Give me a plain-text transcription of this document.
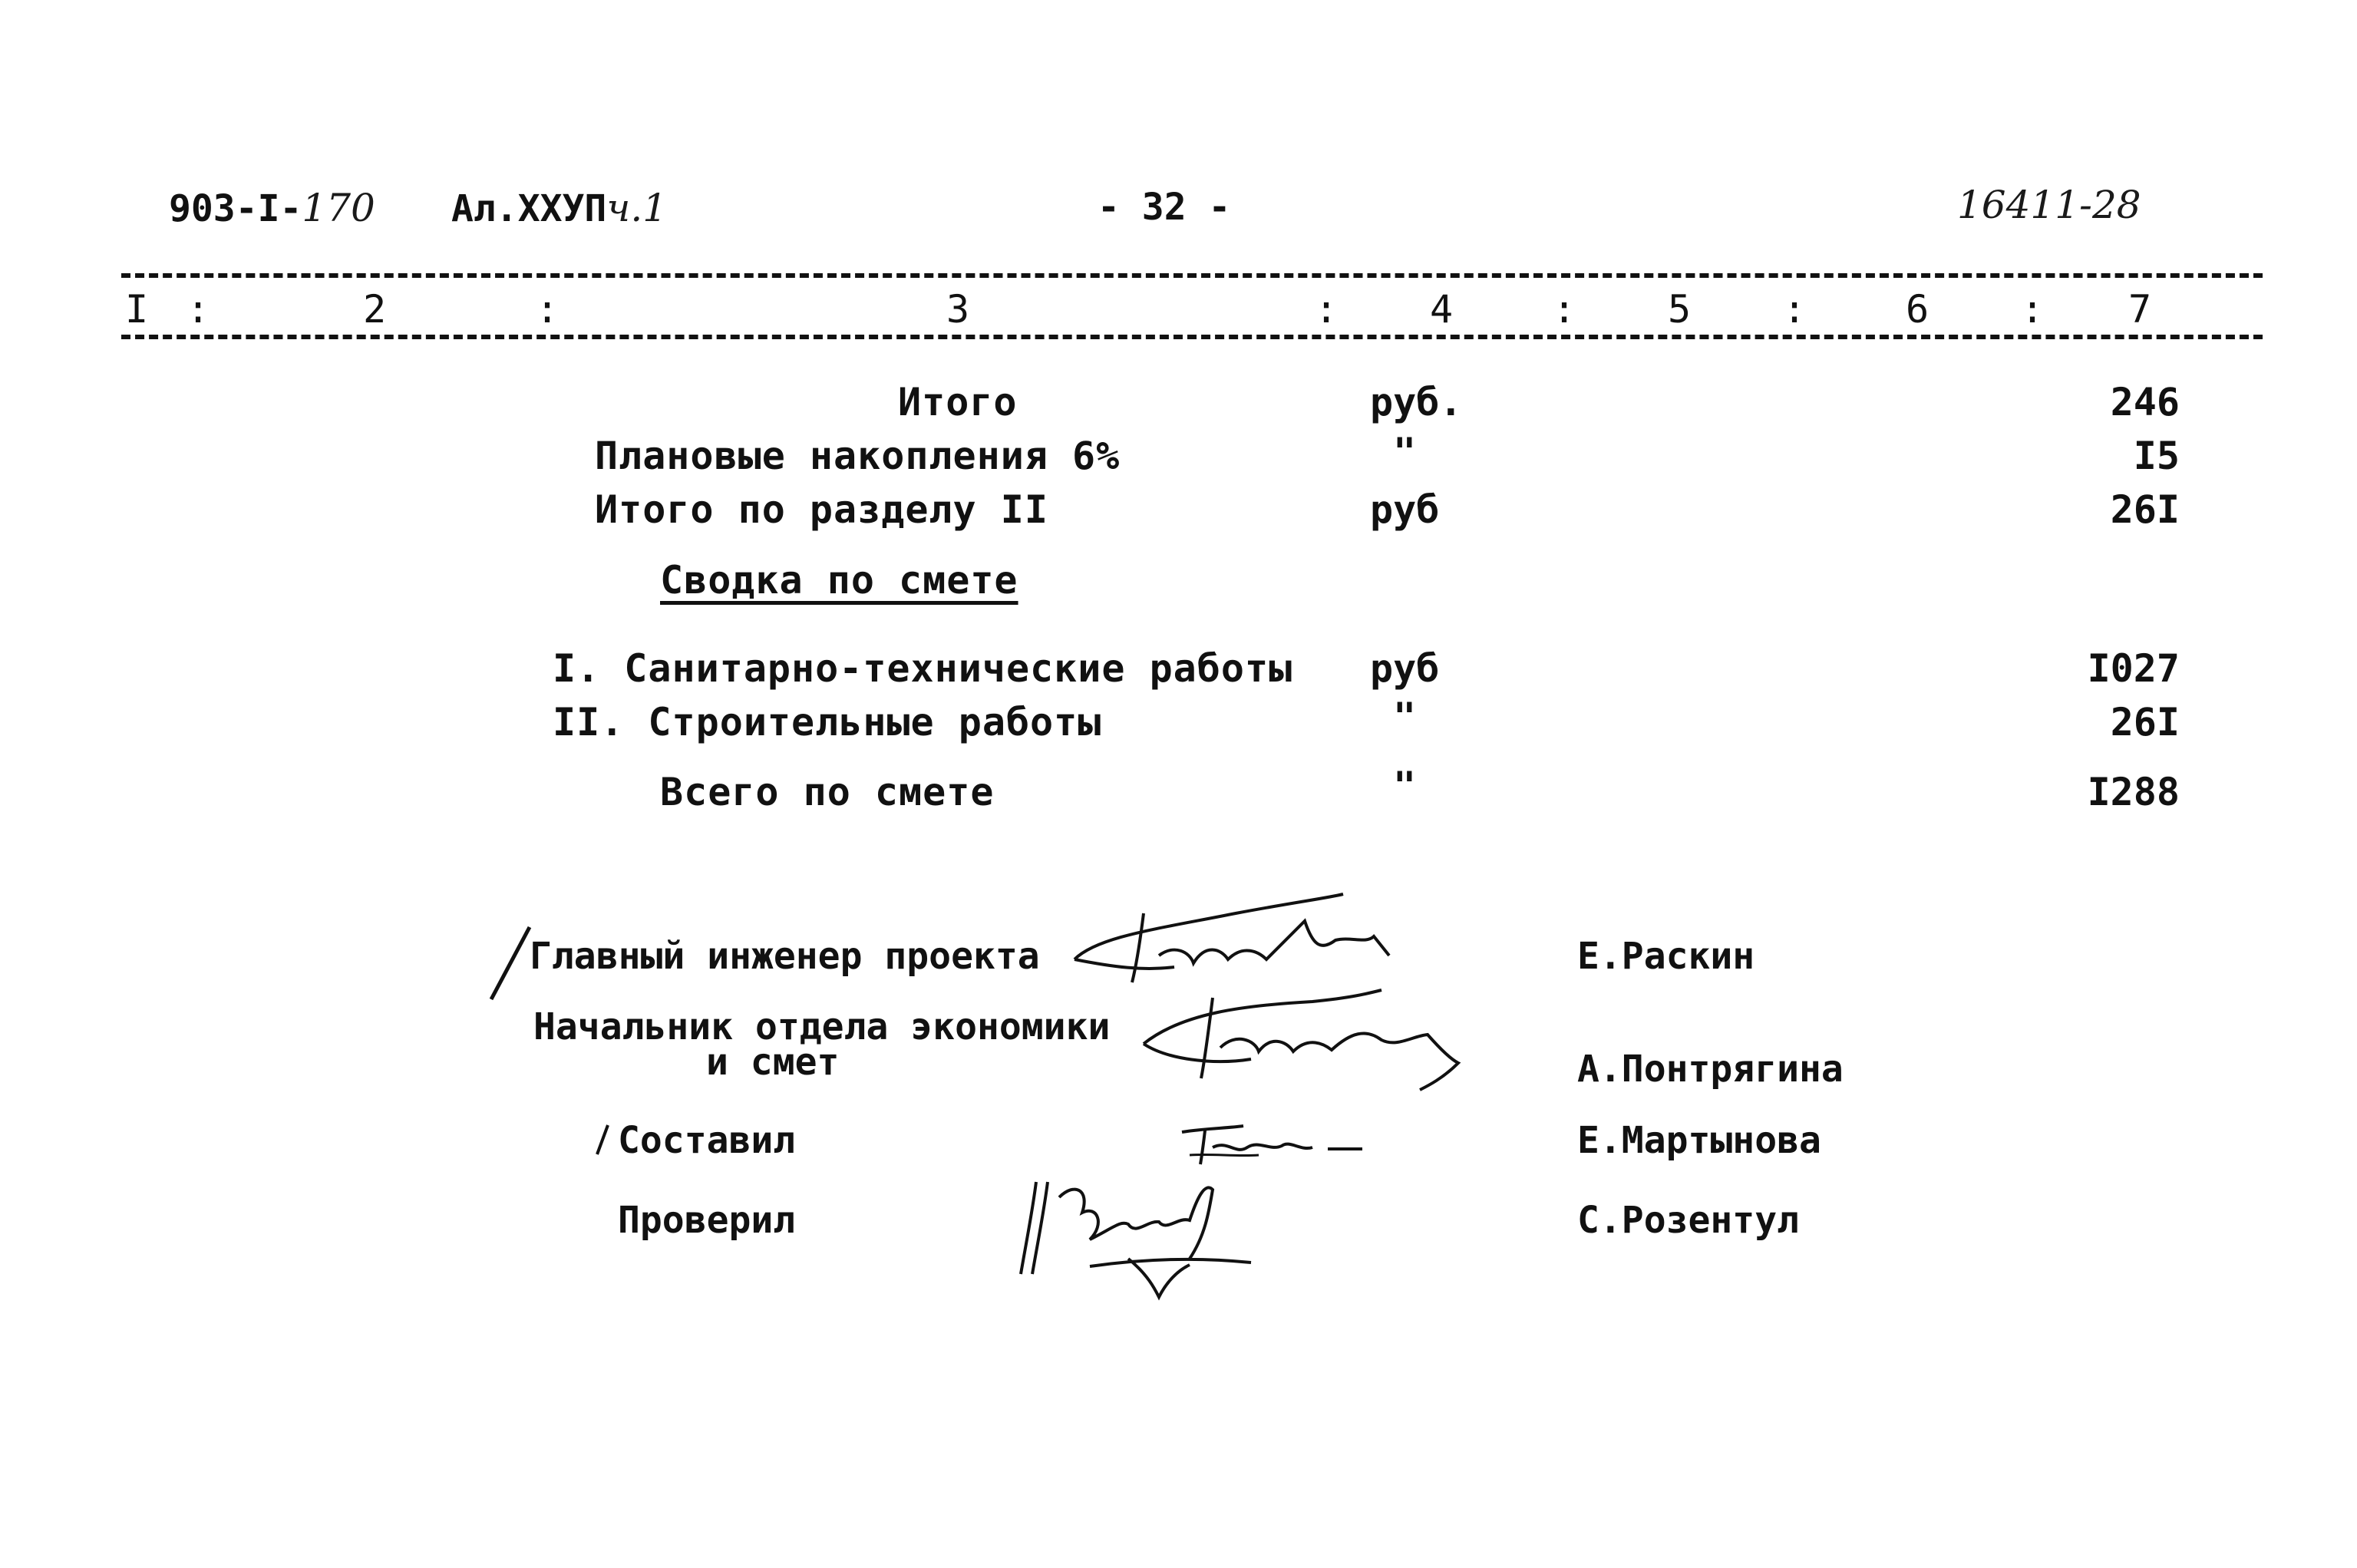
903-I-170 Ал.XXУПч.1	- 32 -	16411-28
I :	2	:	3	: 4	: 5 :	6 : 7
Итого	руб.	246
Плановые накопления 6%	"	I5
Итого по разделу II	руб	26I
Сводка по смете
I. Санитарно-технические работы руб	I027
II. Строительные работы	"	26I
Всего по смете	"	I288
Главный инженер проекта	Е.Раскин
Начальник отдела экономики
и смет	А.Понтрягина
Составил	Е.Мартынова
Проверил	С.Розентул
